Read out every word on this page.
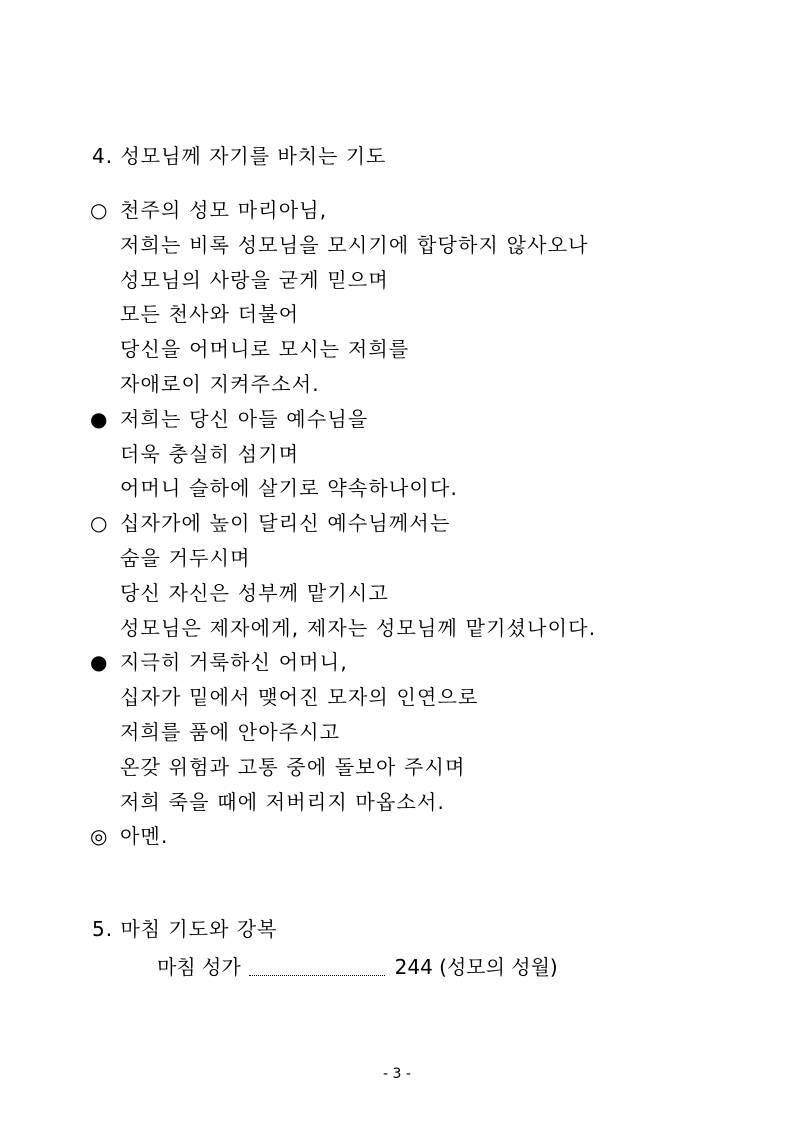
4. 성모님께 자기를 바치는 기도
○ 천주의 성모 마리아님,
저희는 비록 성모님을 모시기에 합당하지 않사오나
성모님의 사랑을 굳게 믿으며
모든 천사와 더불어
당신을 어머니로 모시는 저희를
자애로이 지켜주소서.
● 저희는 당신 아들 예수님을
더욱 충실히 섬기며
어머니 슬하에 살기로 약속하나이다.
○ 십자가에 높이 달리신 예수님께서는
숨을 거두시며
당신 자신은 성부께 맡기시고
성모님은 제자에게, 제자는 성모님께 맡기셨나이다.
● 지극히 거룩하신 어머니,
십자가 밑에서 맺어진 모자의 인연으로
저희를 품에 안아주시고
온갖 위험과 고통 중에 돌보아 주시며
저희 죽을 때에 저버리지 마옵소서.
◎ 아멘.
5. 마침 기도와 강복
마침 성가	244 (성모의 성월)
- 3 -
